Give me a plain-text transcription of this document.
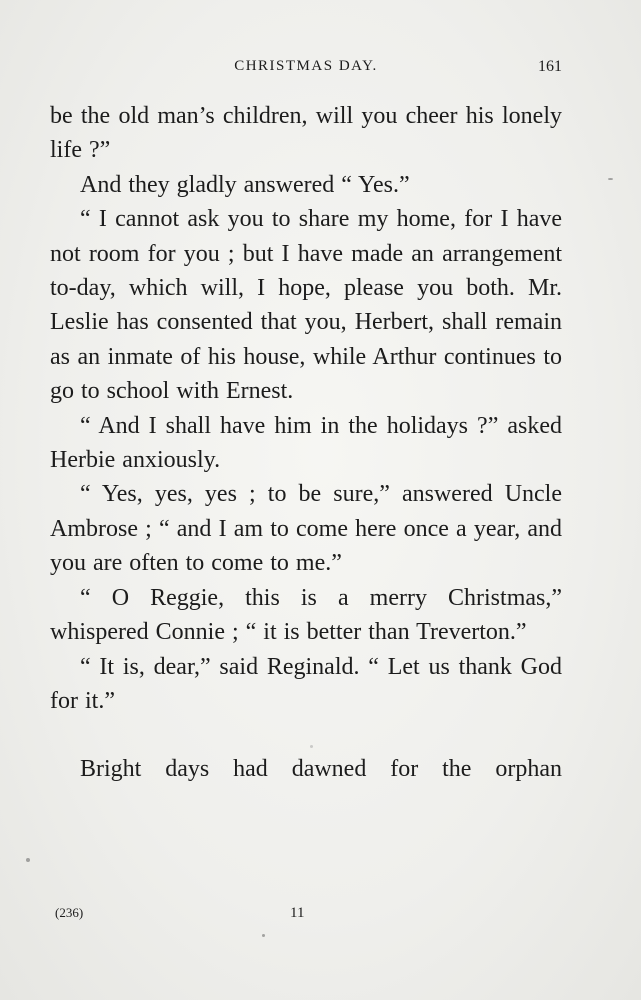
CHRISTMAS DAY.	161

be the old man’s children, will you cheer his lonely life ?”

And they gladly answered “ Yes.”

“ I cannot ask you to share my home, for I have not room for you ; but I have made an arrangement to-day, which will, I hope, please you both. Mr. Leslie has consented that you, Herbert, shall remain as an inmate of his house, while Arthur continues to go to school with Ernest.

“ And I shall have him in the holidays ?” asked Herbie anxiously.

“ Yes, yes, yes ; to be sure,” answered Uncle Ambrose ; “ and I am to come here once a year, and you are often to come to me.”

“ O Reggie, this is a merry Christmas,” whispered Connie ; “ it is better than Treverton.”

“ It is, dear,” said Reginald. “ Let us thank God for it.”

Bright days had dawned for the orphan

(236)	11
